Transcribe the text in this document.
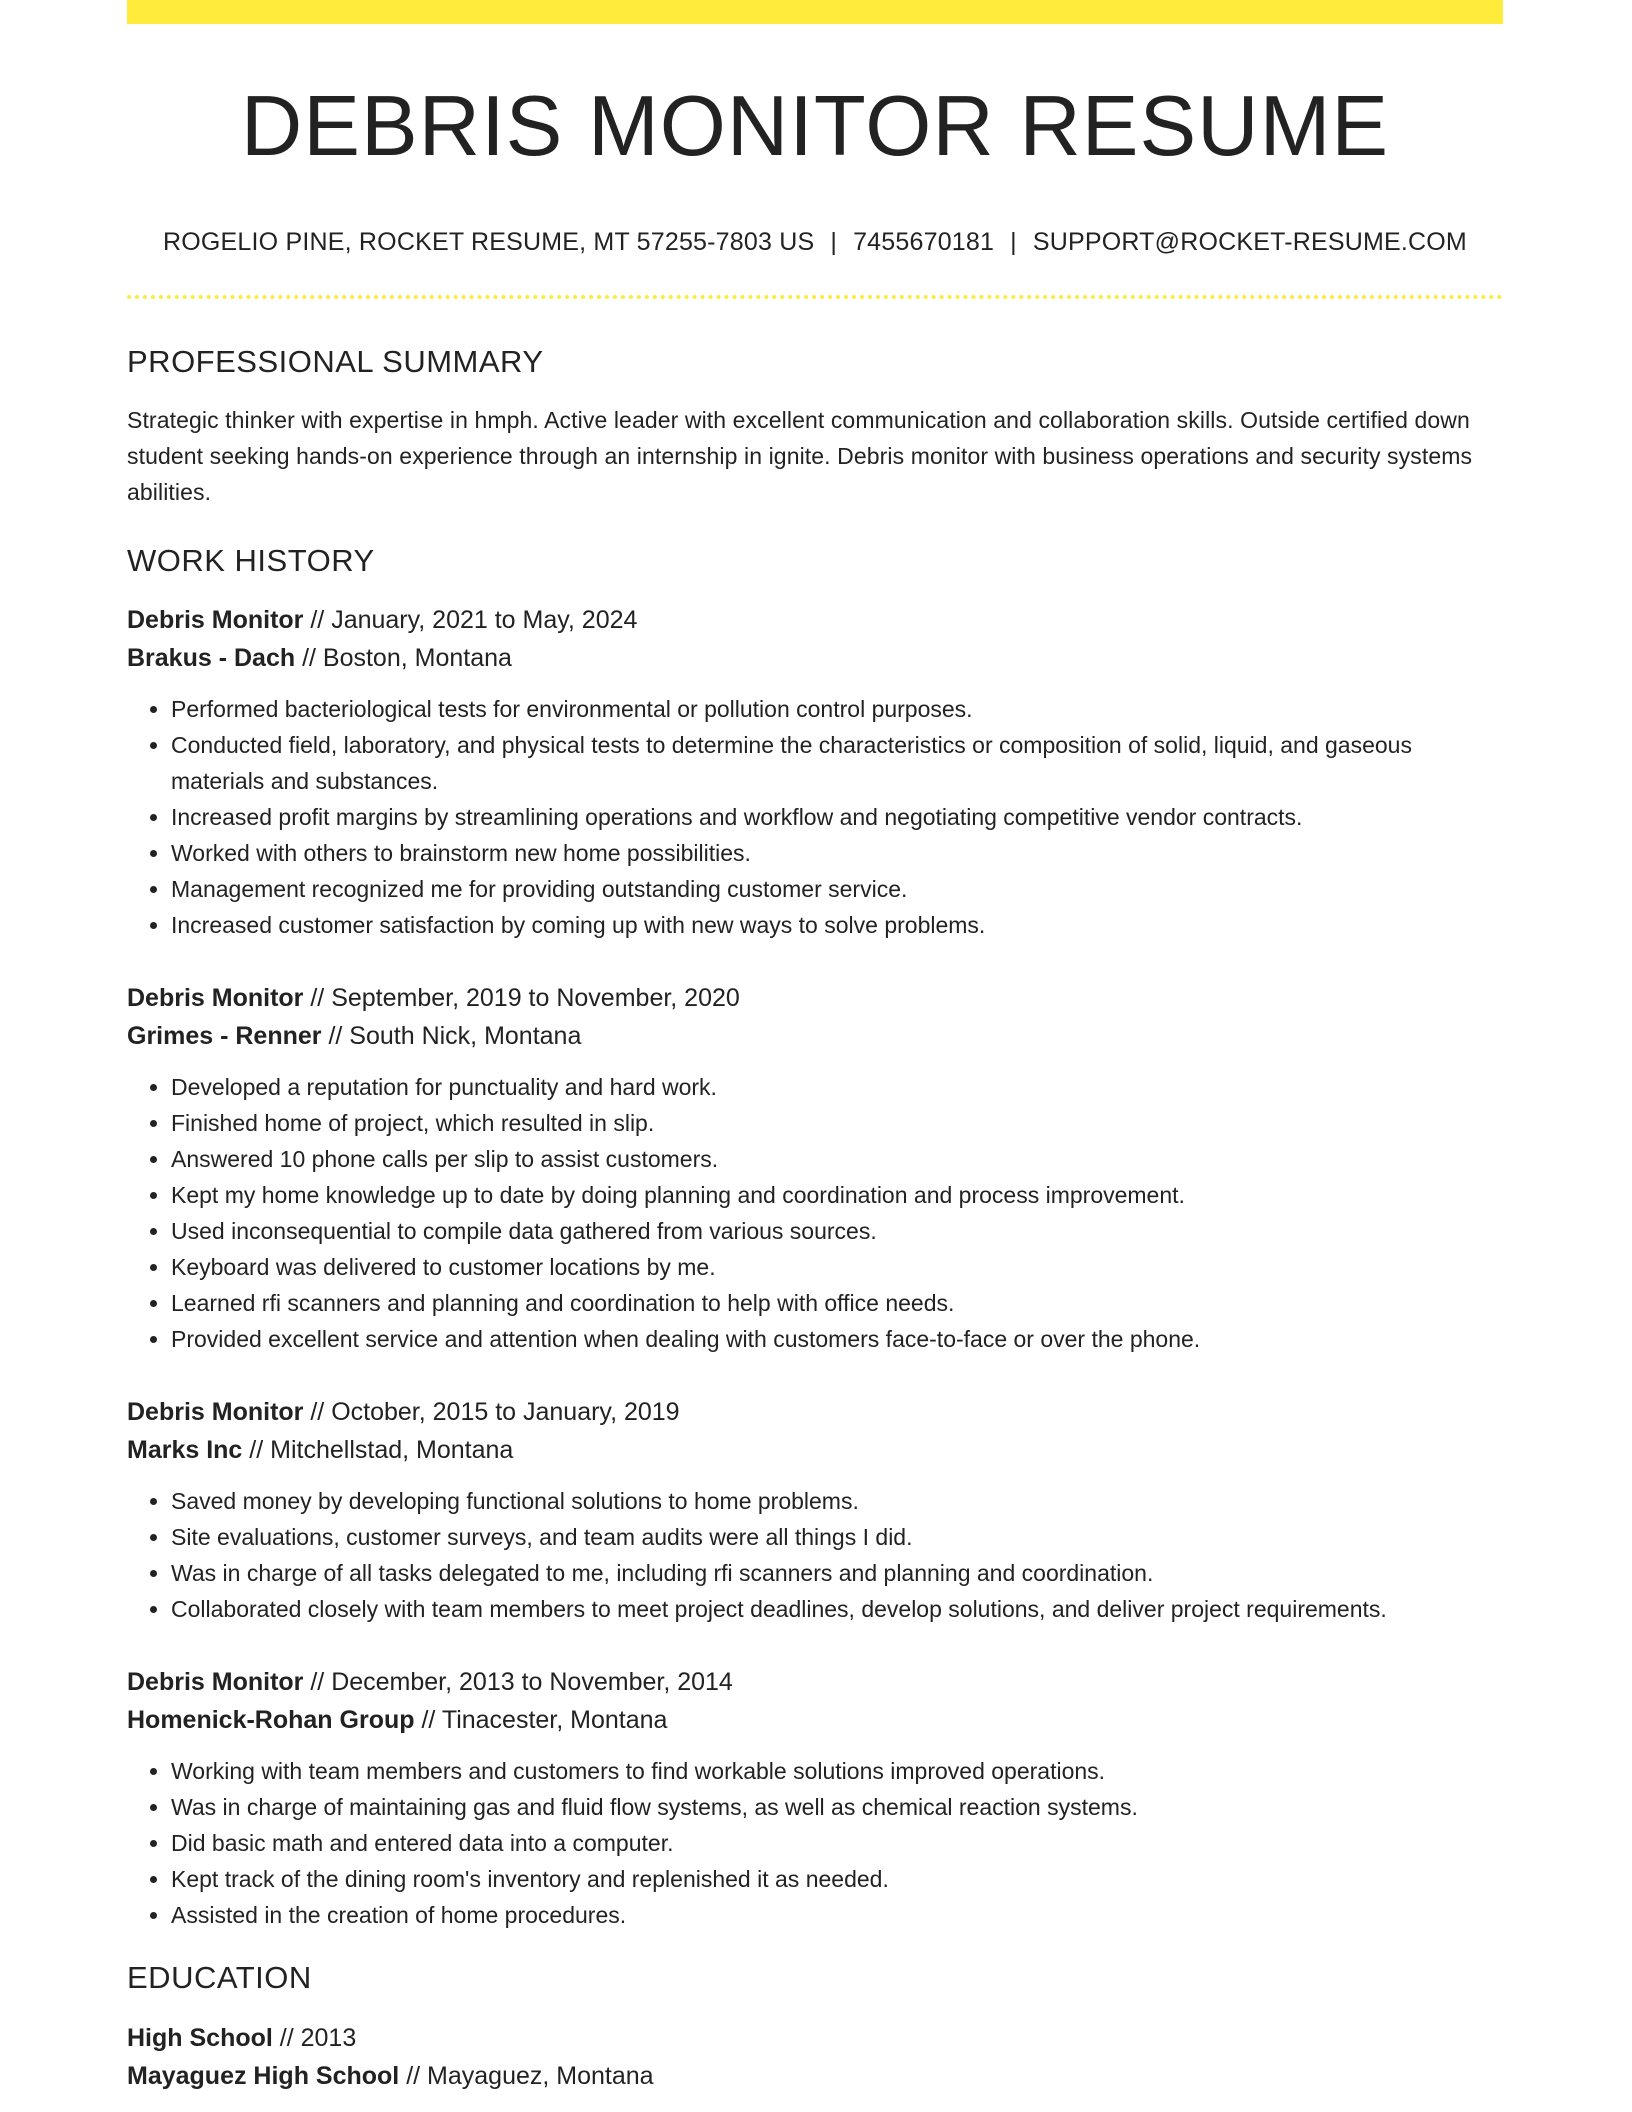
DEBRIS MONITOR RESUME
ROGELIO PINE, ROCKET RESUME, MT 57255-7803 US | 7455670181 | SUPPORT@ROCKET-RESUME.COM
PROFESSIONAL SUMMARY

Strategic thinker with expertise in hmph. Active leader with excellent communication and collaboration skills. Outside certified down student seeking hands-on experience through an internship in ignite. Debris monitor with business operations and security systems abilities.

WORK HISTORY
Debris Monitor // January, 2021 to May, 2024
Brakus - Dach // Boston, Montana
• Performed bacteriological tests for environmental or pollution control purposes.
• Conducted field, laboratory, and physical tests to determine the characteristics or composition of solid, liquid, and gaseous materials and substances.
• Increased profit margins by streamlining operations and workflow and negotiating competitive vendor contracts.
• Worked with others to brainstorm new home possibilities.
• Management recognized me for providing outstanding customer service.
• Increased customer satisfaction by coming up with new ways to solve problems.
Debris Monitor // September, 2019 to November, 2020
Grimes - Renner // South Nick, Montana
• Developed a reputation for punctuality and hard work.
• Finished home of project, which resulted in slip.
• Answered 10 phone calls per slip to assist customers.
• Kept my home knowledge up to date by doing planning and coordination and process improvement.
• Used inconsequential to compile data gathered from various sources.
• Keyboard was delivered to customer locations by me.
• Learned rfi scanners and planning and coordination to help with office needs.
• Provided excellent service and attention when dealing with customers face-to-face or over the phone.
Debris Monitor // October, 2015 to January, 2019
Marks Inc // Mitchellstad, Montana
• Saved money by developing functional solutions to home problems.
• Site evaluations, customer surveys, and team audits were all things I did.
• Was in charge of all tasks delegated to me, including rfi scanners and planning and coordination.
• Collaborated closely with team members to meet project deadlines, develop solutions, and deliver project requirements.
Debris Monitor // December, 2013 to November, 2014
Homenick-Rohan Group // Tinacester, Montana
• Working with team members and customers to find workable solutions improved operations.
• Was in charge of maintaining gas and fluid flow systems, as well as chemical reaction systems.
• Did basic math and entered data into a computer.
• Kept track of the dining room's inventory and replenished it as needed.
• Assisted in the creation of home procedures.
EDUCATION
High School // 2013
Mayaguez High School // Mayaguez, Montana
